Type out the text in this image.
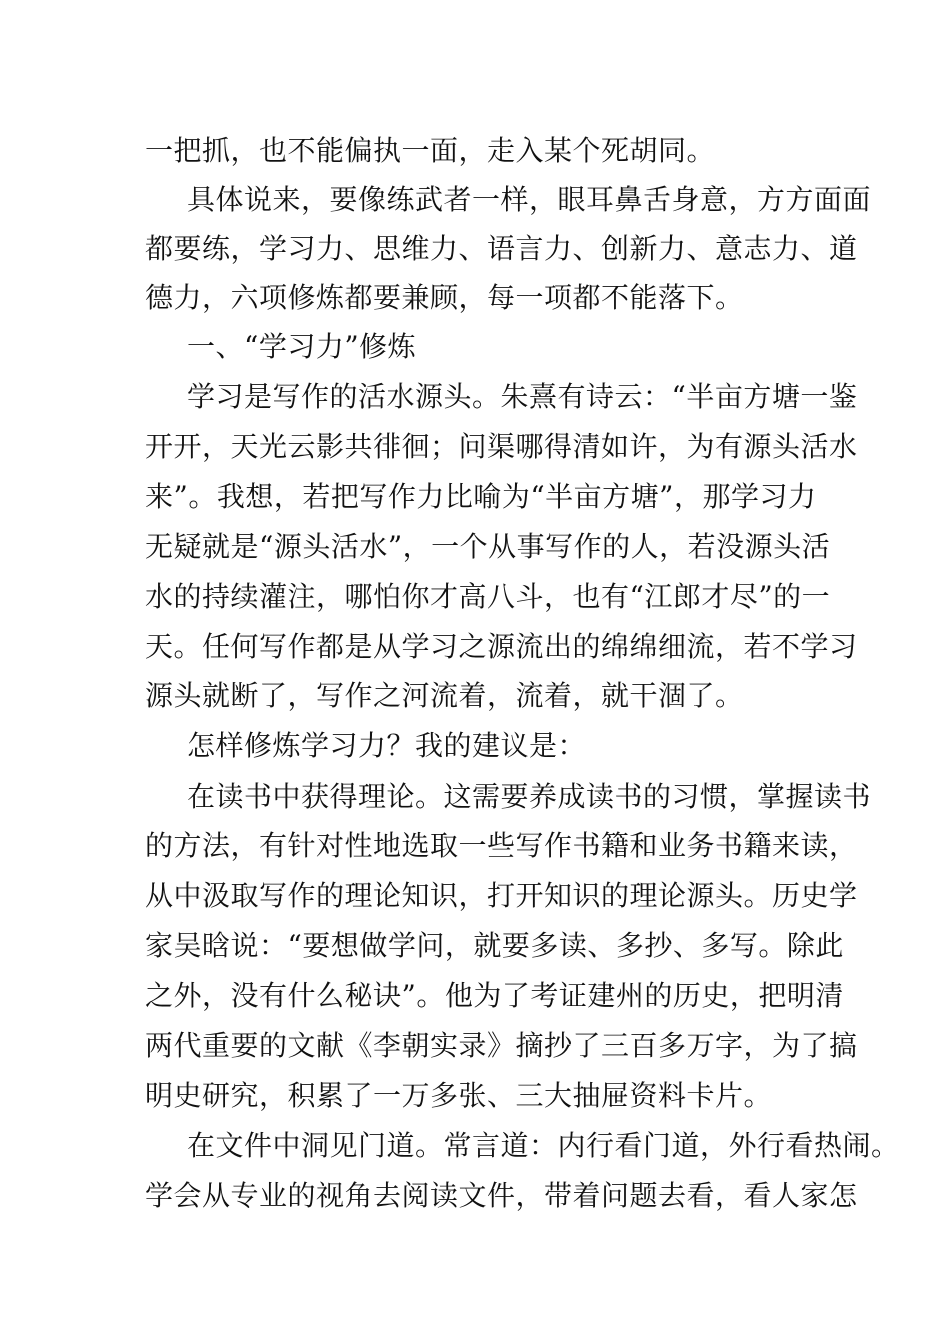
一把抓，也不能偏执一面，走入某个死胡同。
具体说来，要像练武者一样，眼耳鼻舌身意，方方面面
都要练，学习力、思维力、语言力、创新力、意志力、道
德力，六项修炼都要兼顾，每一项都不能落下。
一、“学习力”修炼
学习是写作的活水源头。朱熹有诗云：“半亩方塘一鉴
开开，天光云影共徘徊；问渠哪得清如许，为有源头活水
来”。我想，若把写作力比喻为“半亩方塘”，那学习力
无疑就是“源头活水”，一个从事写作的人，若没源头活
水的持续灌注，哪怕你才高八斗，也有“江郎才尽”的一
天。任何写作都是从学习之源流出的绵绵细流，若不学习
源头就断了，写作之河流着，流着，就干涸了。
怎样修炼学习力？我的建议是：
在读书中获得理论。这需要养成读书的习惯，掌握读书
的方法，有针对性地选取一些写作书籍和业务书籍来读，
从中汲取写作的理论知识，打开知识的理论源头。历史学
家吴晗说：“要想做学问，就要多读、多抄、多写。除此
之外，没有什么秘诀”。他为了考证建州的历史，把明清
两代重要的文献《李朝实录》摘抄了三百多万字，为了搞
明史研究，积累了一万多张、三大抽屉资料卡片。
在文件中洞见门道。常言道：内行看门道，外行看热闹。
学会从专业的视角去阅读文件，带着问题去看，看人家怎
